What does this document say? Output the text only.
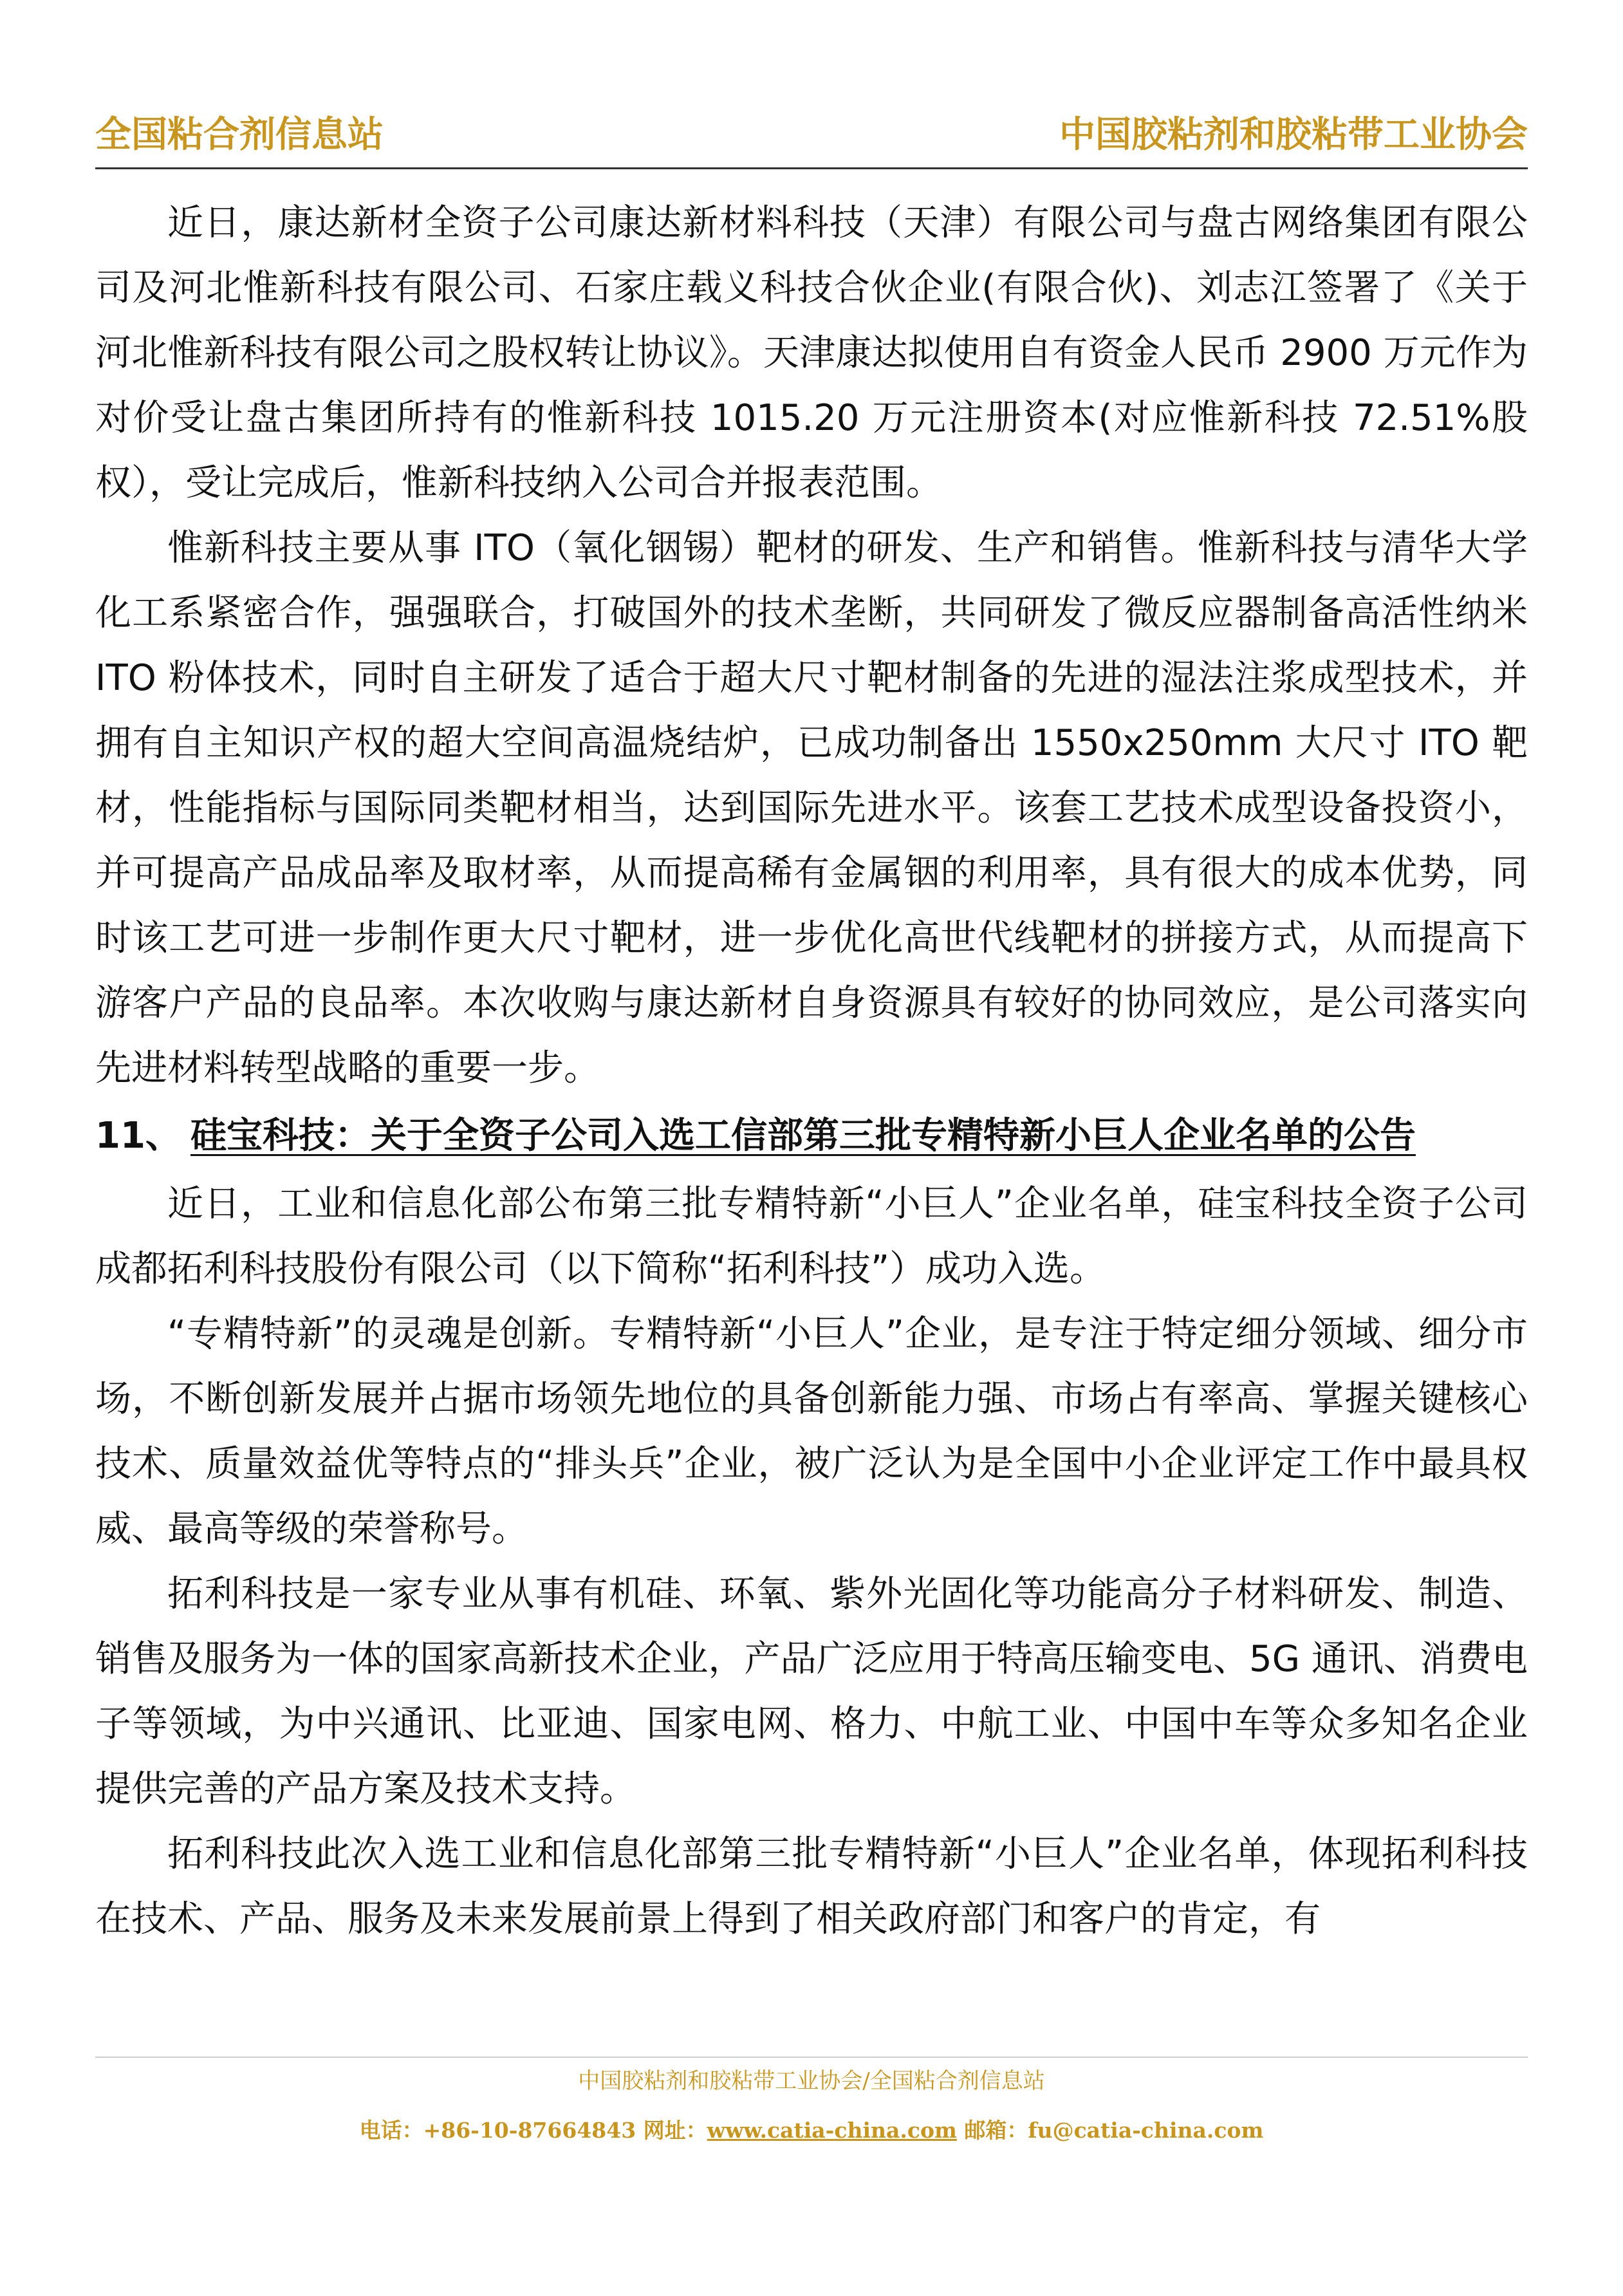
全国粘合剂信息站	中国胶粘剂和胶粘带工业协会

近日，康达新材全资子公司康达新材料科技（天津）有限公司与盘古网络集团有限公司及河北惟新科技有限公司、石家庄载义科技合伙企业(有限合伙)、刘志江签署了《关于河北惟新科技有限公司之股权转让协议》。天津康达拟使用自有资金人民币 2900 万元作为对价受让盘古集团所持有的惟新科技 1015.20 万元注册资本(对应惟新科技 72.51%股权），受让完成后，惟新科技纳入公司合并报表范围。

惟新科技主要从事 ITO（氧化铟锡）靶材的研发、生产和销售。惟新科技与清华大学化工系紧密合作，强强联合，打破国外的技术垄断，共同研发了微反应器制备高活性纳米 ITO 粉体技术，同时自主研发了适合于超大尺寸靶材制备的先进的湿法注浆成型技术，并拥有自主知识产权的超大空间高温烧结炉，已成功制备出 1550x250mm 大尺寸 ITO 靶材，性能指标与国际同类靶材相当，达到国际先进水平。该套工艺技术成型设备投资小，并可提高产品成品率及取材率，从而提高稀有金属铟的利用率，具有很大的成本优势，同时该工艺可进一步制作更大尺寸靶材，进一步优化高世代线靶材的拼接方式，从而提高下游客户产品的良品率。本次收购与康达新材自身资源具有较好的协同效应，是公司落实向先进材料转型战略的重要一步。

11、 硅宝科技：关于全资子公司入选工信部第三批专精特新小巨人企业名单的公告

近日，工业和信息化部公布第三批专精特新“小巨人”企业名单，硅宝科技全资子公司成都拓利科技股份有限公司（以下简称“拓利科技”）成功入选。

“专精特新”的灵魂是创新。专精特新“小巨人”企业，是专注于特定细分领域、细分市场，不断创新发展并占据市场领先地位的具备创新能力强、市场占有率高、掌握关键核心技术、质量效益优等特点的“排头兵”企业，被广泛认为是全国中小企业评定工作中最具权威、最高等级的荣誉称号。

拓利科技是一家专业从事有机硅、环氧、紫外光固化等功能高分子材料研发、制造、销售及服务为一体的国家高新技术企业，产品广泛应用于特高压输变电、5G 通讯、消费电子等领域，为中兴通讯、比亚迪、国家电网、格力、中航工业、中国中车等众多知名企业提供完善的产品方案及技术支持。

拓利科技此次入选工业和信息化部第三批专精特新“小巨人”企业名单，体现拓利科技在技术、产品、服务及未来发展前景上得到了相关政府部门和客户的肯定，有

中国胶粘剂和胶粘带工业协会/全国粘合剂信息站
电话：+86-10-87664843 网址：www.catia-china.com 邮箱：fu@catia-china.com
